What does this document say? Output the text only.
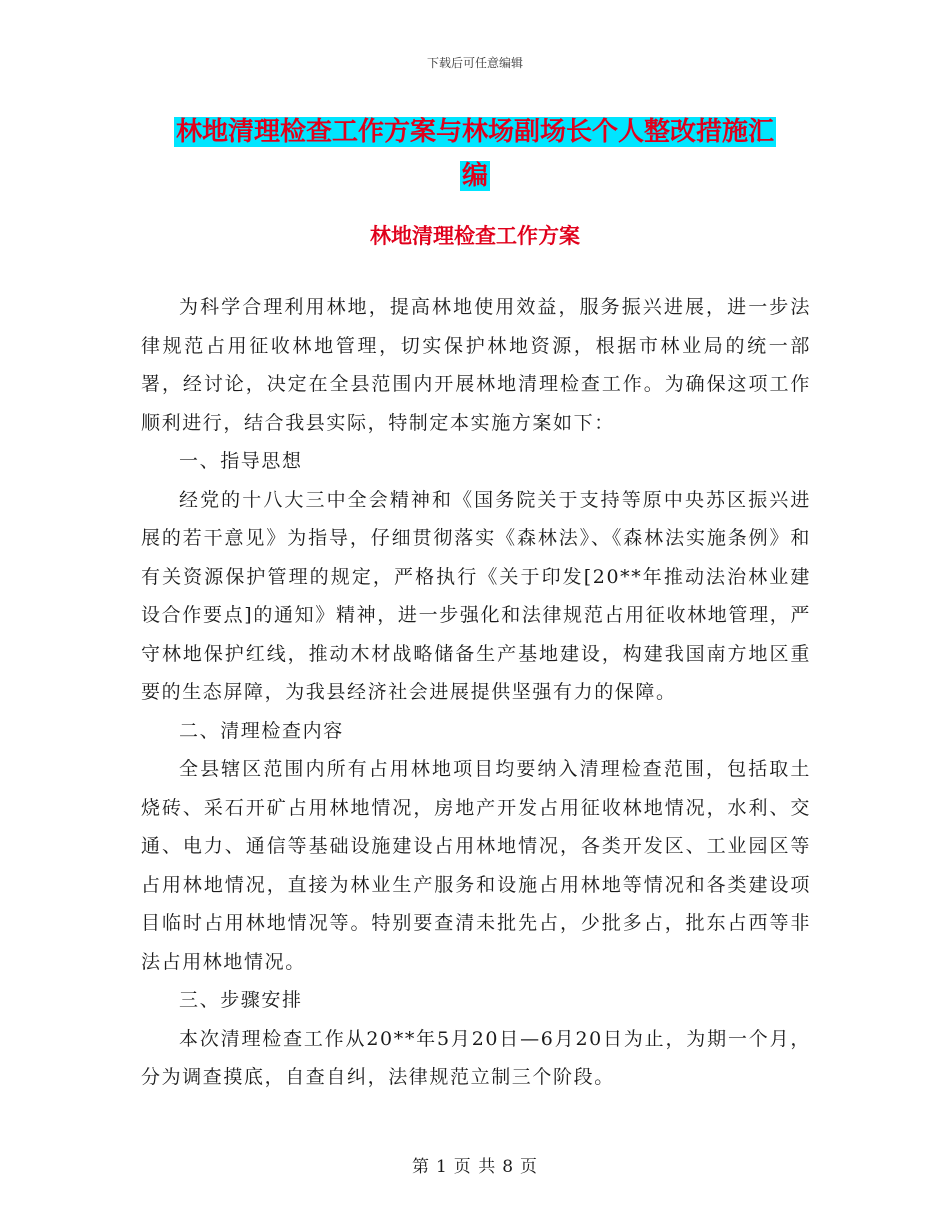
下载后可任意编辑
林地清理检查工作方案与林场副场长个人整改措施汇
编
林地清理检查工作方案

为科学合理利用林地，提高林地使用效益，服务振兴进展，进一步法律规范占用征收林地管理，切实保护林地资源，根据市林业局的统一部署，经讨论，决定在全县范围内开展林地清理检查工作。为确保这项工作顺利进行，结合我县实际，特制定本实施方案如下：

一、指导思想

经党的十八大三中全会精神和《国务院关于支持等原中央苏区振兴进展的若干意见》为指导，仔细贯彻落实《森林法》、《森林法实施条例》和有关资源保护管理的规定，严格执行《关于印发[20**年推动法治林业建设合作要点]的通知》精神，进一步强化和法律规范占用征收林地管理，严守林地保护红线，推动木材战略储备生产基地建设，构建我国南方地区重要的生态屏障，为我县经济社会进展提供坚强有力的保障。

二、清理检查内容

全县辖区范围内所有占用林地项目均要纳入清理检查范围，包括取土烧砖、采石开矿占用林地情况，房地产开发占用征收林地情况，水利、交通、电力、通信等基础设施建设占用林地情况，各类开发区、工业园区等占用林地情况，直接为林业生产服务和设施占用林地等情况和各类建设项目临时占用林地情况等。特别要查清未批先占，少批多占，批东占西等非法占用林地情况。

三、步骤安排

本次清理检查工作从20**年5月20日—6月20日为止，为期一个月，分为调查摸底，自查自纠，法律规范立制三个阶段。

第 1 页 共 8 页
